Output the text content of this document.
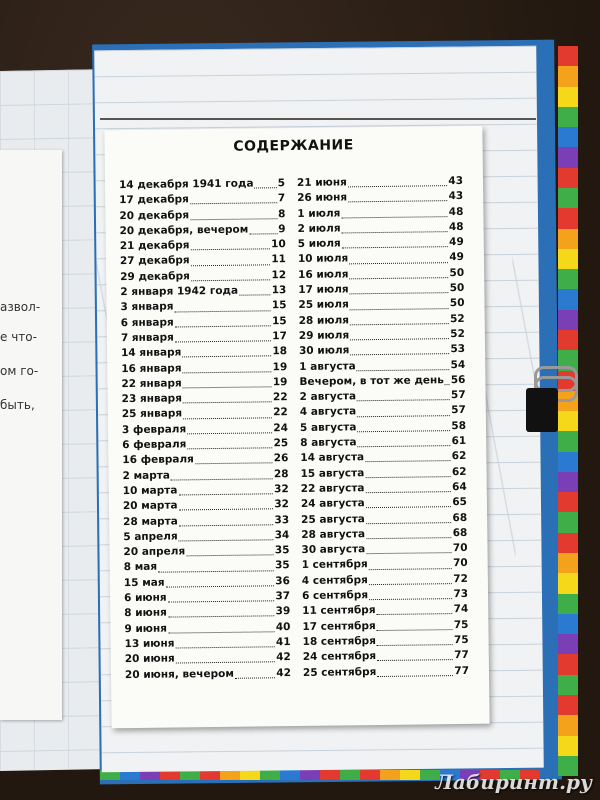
азвол-
е что-
ом го-
быть,
СОДЕРЖАНИЕ
14 декабря 1941 года 5
17 декабря	7
20 декабря	8
20 декабря, вечером	9
21 декабря	10
27 декабря	11
29 декабря	12
2 января 1942 года	13
3 января	15
6 января	15
7 января	17
14 января	18
16 января	19
22 января	19
23 января	22
25 января	22
3 февраля	24
6 февраля	25
16 февраля	26
2 марта	28
10 марта	32
20 марта	32
28 марта	33
5 апреля	34
20 апреля	35
8 мая	35
15 мая	36
6 июня	37
8 июня	39
9 июня	40
13 июня	41
20 июня	42
20 июня, вечером	42
21 июня	43
26 июня	43
1 июля	48
2 июля	48
5 июля	49
10 июля	49
16 июля	50
17 июля	50
25 июля	50
28 июля	52
29 июля	52
30 июля	53
1 августа	54
Вечером, в тот же день 56
2 августа	57
4 августа	57
5 августа	58
8 августа	61
14 августа	62
15 августа	62
22 августа	64
24 августа	65
25 августа	68
28 августа	68
30 августа	70
1 сентября	70
4 сентября	72
6 сентября	73
11 сентября	74
17 сентября	75
18 сентября	75
24 сентября	77
25 сентября	77
Лабиринт.ру
